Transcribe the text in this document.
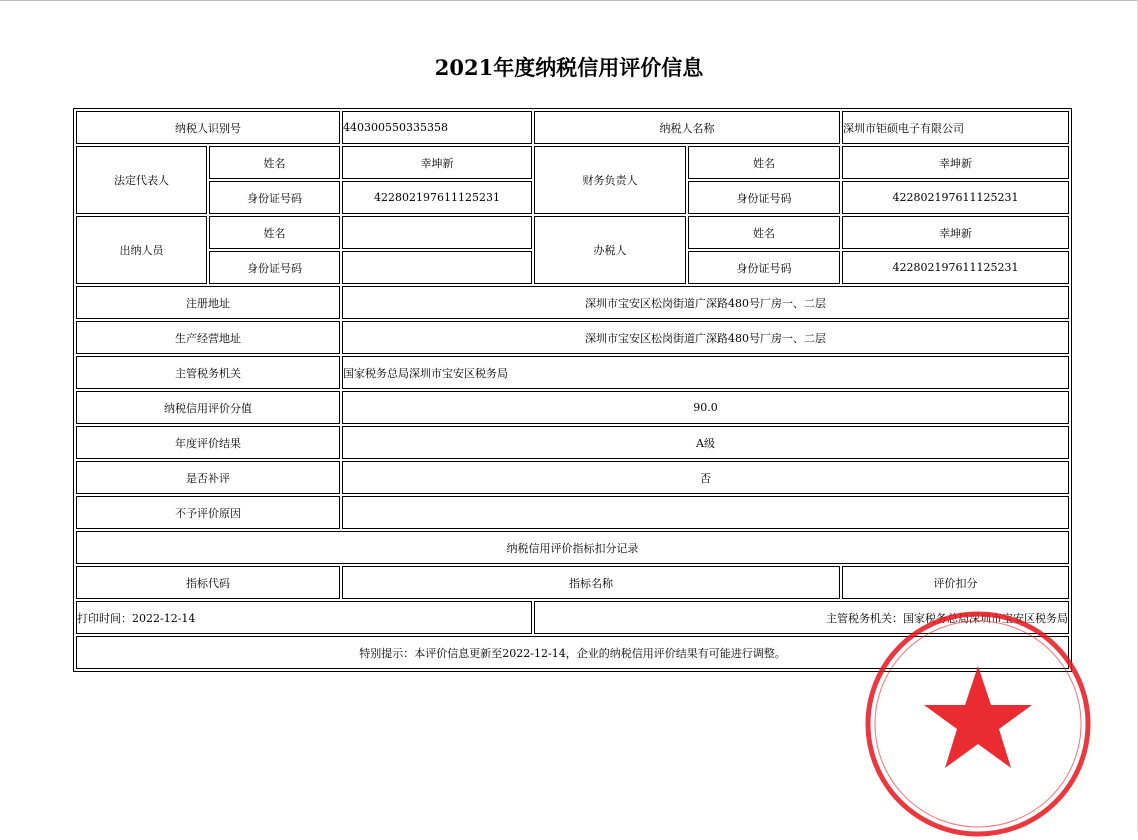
2021年度纳税信用评价信息
纳税人识别号		440300550335358	纳税人名称		深圳市钜硕电子有限公司
法定代表人	姓名	幸坤新	财务负责人	姓名	幸坤新
	身份证号码	422802197611125231		身份证号码	422802197611125231
出纳人员	姓名		办税人	姓名	幸坤新
	身份证号码			身份证号码	422802197611125231
注册地址		深圳市宝安区松岗街道广深路480号厂房一、二层			
生产经营地址		深圳市宝安区松岗街道广深路480号厂房一、二层			
主管税务机关		国家税务总局深圳市宝安区税务局			
纳税信用评价分值		90.0			
年度评价结果		A级			
是否补评		否			
不予评价原因					
纳税信用评价指标扣分记录					
指标代码		指标名称			评价扣分
打印时间：2022-12-14			主管税务机关：国家税务总局深圳市宝安区税务局		
特别提示：本评价信息更新至2022-12-14，企业的纳税信用评价结果有可能进行调整。					
